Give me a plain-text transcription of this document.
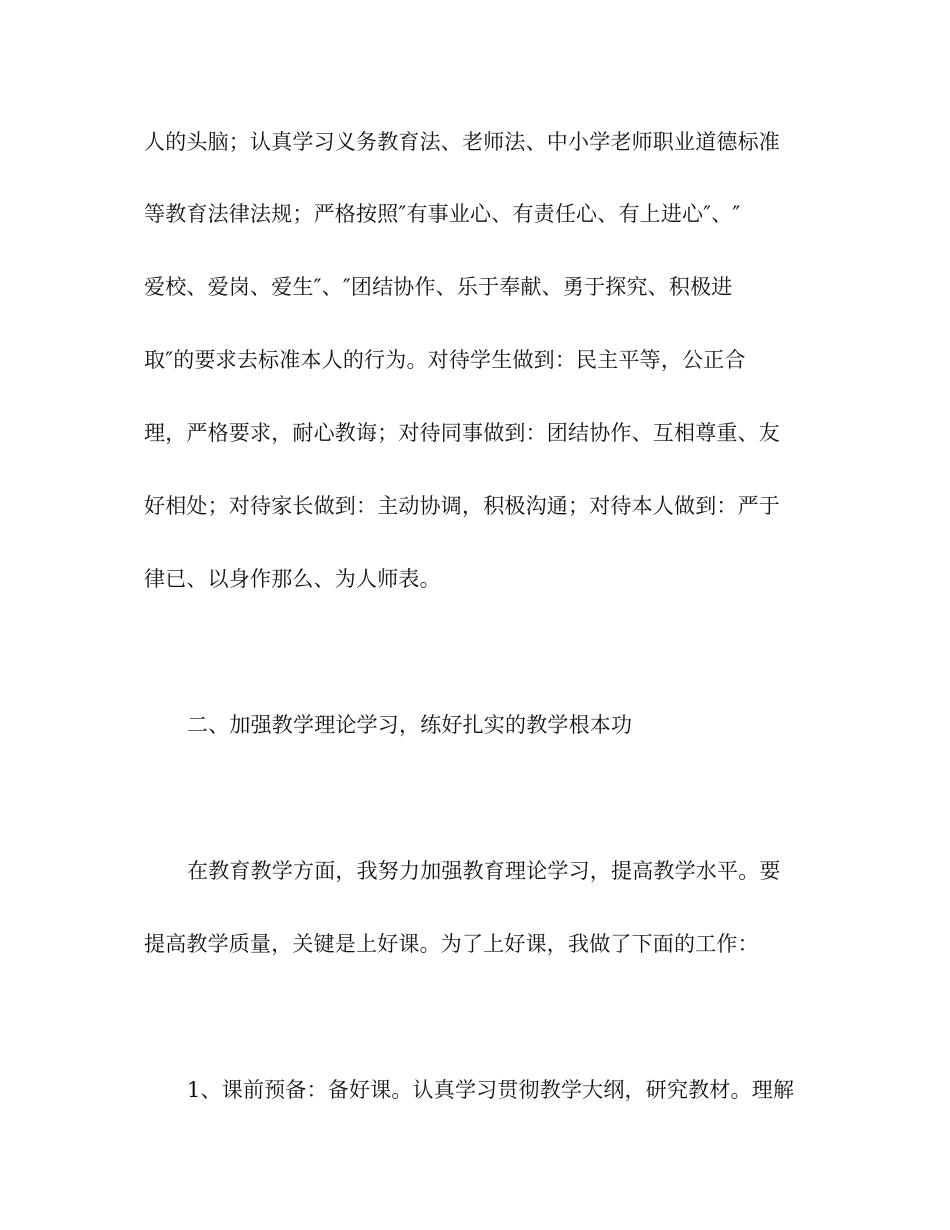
人的头脑；认真学习义务教育法、老师法、中小学老师职业道德标准
等教育法律法规；严格按照″有事业心、有责任心、有上进心″、″
爱校、爱岗、爱生″、″团结协作、乐于奉献、勇于探究、积极进
取″的要求去标准本人的行为。对待学生做到：民主平等，公正合
理，严格要求，耐心教诲；对待同事做到：团结协作、互相尊重、友
好相处；对待家长做到：主动协调，积极沟通；对待本人做到：严于
律已、以身作那么、为人师表。
二、加强教学理论学习，练好扎实的教学根本功
在教育教学方面，我努力加强教育理论学习，提高教学水平。要
提高教学质量，关键是上好课。为了上好课，我做了下面的工作：
1、课前预备：备好课。认真学习贯彻教学大纲，研究教材。理解
